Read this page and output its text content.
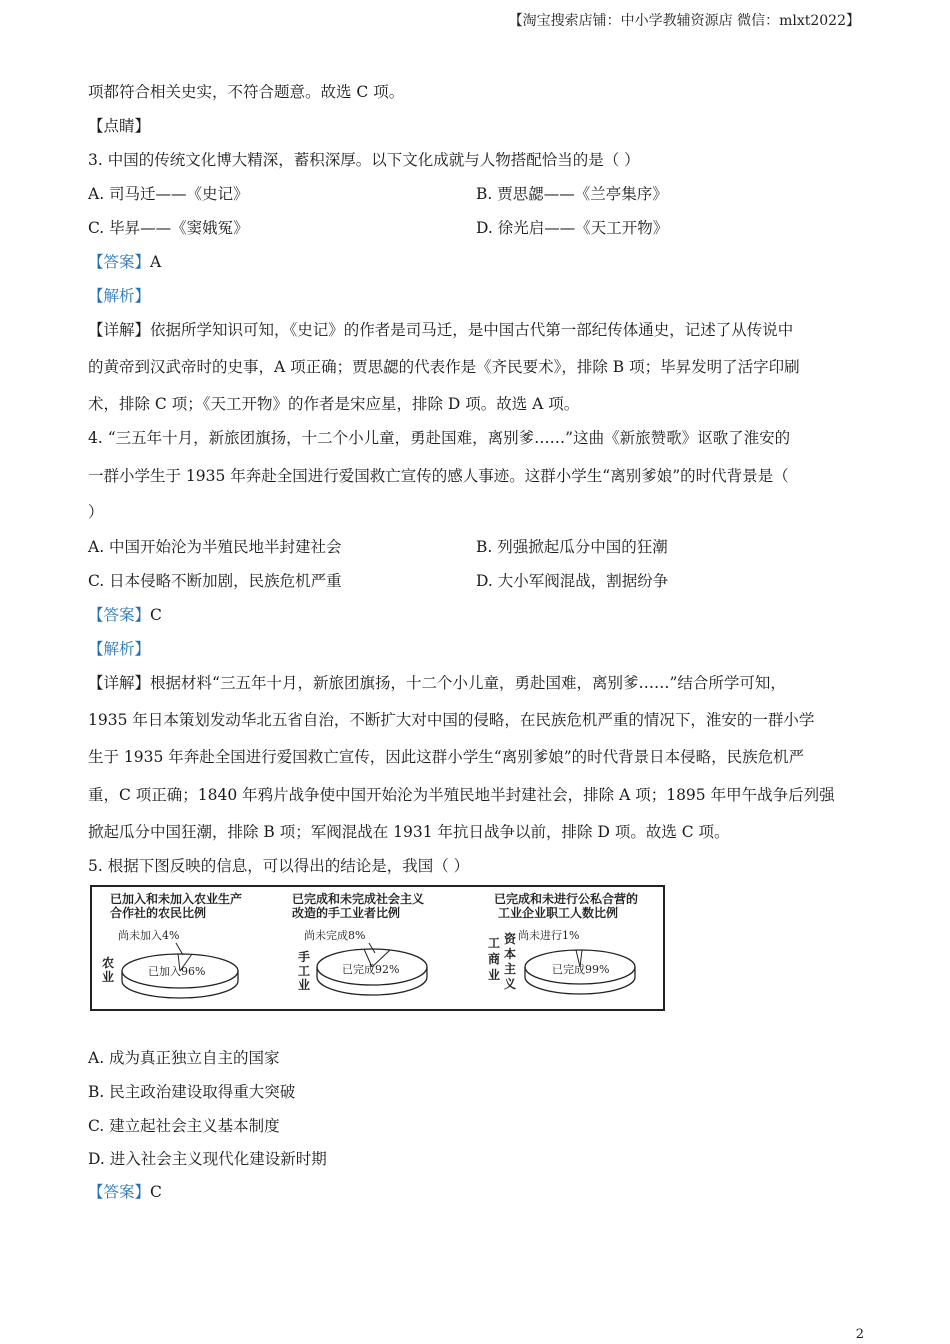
【淘宝搜索店铺：中小学教辅资源店 微信：mlxt2022】
项都符合相关史实，不符合题意。故选 C 项。
【点睛】
3. 中国的传统文化博大精深，蓄积深厚。以下文化成就与人物搭配恰当的是（ ）
A. 司马迁——《史记》	B. 贾思勰——《兰亭集序》
C. 毕昇——《窦娥冤》	D. 徐光启——《天工开物》
【答案】A
【解析】
【详解】依据所学知识可知，《史记》的作者是司马迁，是中国古代第一部纪传体通史，记述了从传说中
的黄帝到汉武帝时的史事，A 项正确；贾思勰的代表作是《齐民要术》，排除 B 项；毕昇发明了活字印刷
术，排除 C 项；《天工开物》的作者是宋应星，排除 D 项。故选 A 项。
4. “三五年十月，新旅团旗扬，十二个小儿童，勇赴国难，离别爹……”这曲《新旅赞歌》讴歌了淮安的
一群小学生于 1935 年奔赴全国进行爱国救亡宣传的感人事迹。这群小学生“离别爹娘”的时代背景是（
）
A. 中国开始沦为半殖民地半封建社会	B. 列强掀起瓜分中国的狂潮
C. 日本侵略不断加剧，民族危机严重	D. 大小军阀混战，割据纷争
【答案】C
【解析】
【详解】根据材料“三五年十月，新旅团旗扬，十二个小儿童，勇赴国难，离别爹……”结合所学可知，
1935 年日本策划发动华北五省自治，不断扩大对中国的侵略，在民族危机严重的情况下，淮安的一群小学
生于 1935 年奔赴全国进行爱国救亡宣传，因此这群小学生“离别爹娘”的时代背景日本侵略，民族危机严
重，C 项正确；1840 年鸦片战争使中国开始沦为半殖民地半封建社会，排除 A 项；1895 年甲午战争后列强
掀起瓜分中国狂潮，排除 B 项；军阀混战在 1931 年抗日战争以前，排除 D 项。故选 C 项。
5. 根据下图反映的信息，可以得出的结论是，我国（ ）
已加入和未加入农业生产
合作社的农民比例
尚未加入4%
已加入96%
农
业
已完成和未完成社会主义
改造的手工业者比例
尚未完成8%
已完成92%
手
工
业
已完成和未进行公私合营的
工业企业职工人数比例
尚未进行1%
已完成99%
工
商
业
资
本
主
义
A. 成为真正独立自主的国家
B. 民主政治建设取得重大突破
C. 建立起社会主义基本制度
D. 进入社会主义现代化建设新时期
【答案】C
2
